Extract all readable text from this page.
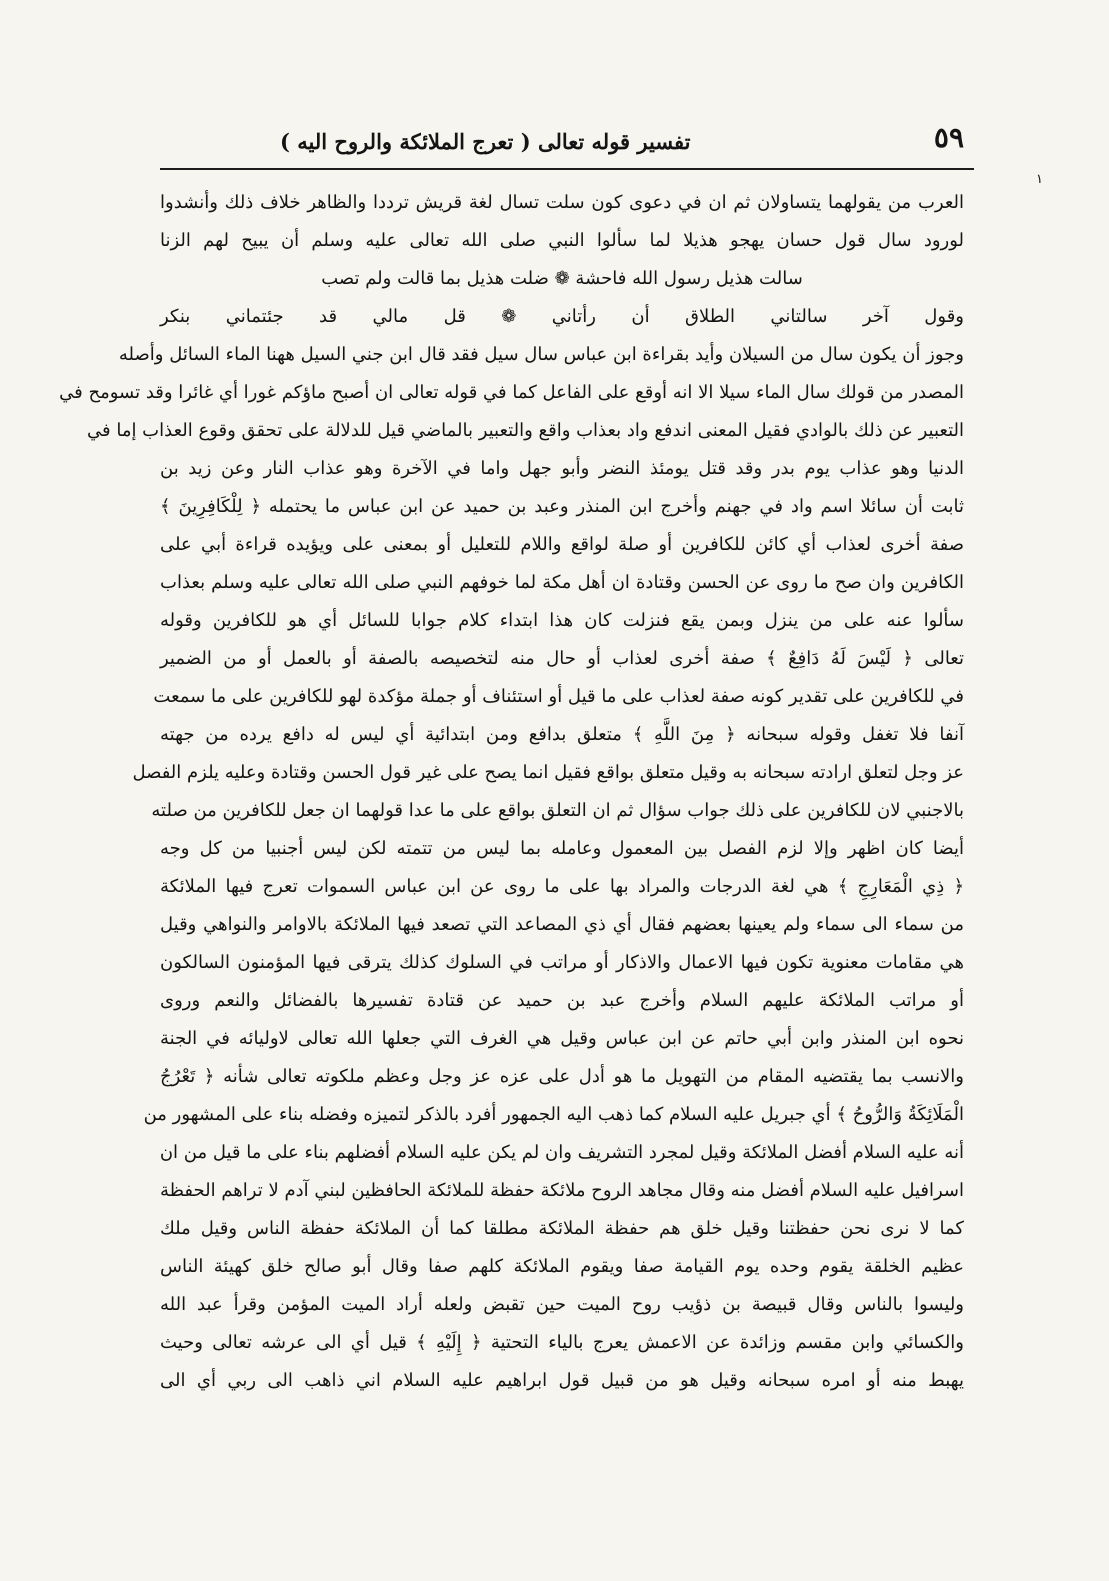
٥٩
تفسير قوله تعالى ( تعرج الملائكة والروح اليه )
١
العرب من يقولهما يتساولان ثم ان في دعوى كون سلت تسال لغة قريش ترددا والظاهر خلاف ذلك وأنشدوا
لورود سال قول حسان يهجو هذيلا لما سألوا النبي صلى الله تعالى عليه وسلم أن يبيح لهم الزنا
سالت هذيل رسول الله فاحشة ❁ ضلت هذيل بما قالت ولم تصب
وقول آخر سالتاني الطلاق أن رأتاني ❁ قل مالي قد جئتماني بنكر
وجوز أن يكون سال من السيلان وأيد بقراءة ابن عباس سال سيل فقد قال ابن جني السيل ههنا الماء السائل وأصله
المصدر من قولك سال الماء سيلا الا انه أوقع على الفاعل كما في قوله تعالى ان أصبح ماؤكم غورا أي غائرا وقد تسومح في
التعبير عن ذلك بالوادي فقيل المعنى اندفع واد بعذاب واقع والتعبير بالماضي قيل للدلالة على تحقق وقوع العذاب إما في
الدنيا وهو عذاب يوم بدر وقد قتل يومئذ النضر وأبو جهل واما في الآخرة وهو عذاب النار وعن زيد بن
ثابت أن سائلا اسم واد في جهنم وأخرج ابن المنذر وعبد بن حميد عن ابن عباس ما يحتمله ﴿ لِلْكَافِرِينَ ﴾
صفة أخرى لعذاب أي كائن للكافرين أو صلة لواقع واللام للتعليل أو بمعنى على ويؤيده قراءة أبي على
الكافرين وان صح ما روى عن الحسن وقتادة ان أهل مكة لما خوفهم النبي صلى الله تعالى عليه وسلم بعذاب
سألوا عنه على من ينزل وبمن يقع فنزلت كان هذا ابتداء كلام جوابا للسائل أي هو للكافرين وقوله
تعالى ﴿ لَيْسَ لَهُ دَافِعٌ ﴾ صفة أخرى لعذاب أو حال منه لتخصيصه بالصفة أو بالعمل أو من الضمير
في للكافرين على تقدير كونه صفة لعذاب على ما قيل أو استئناف أو جملة مؤكدة لهو للكافرين على ما سمعت
آنفا فلا تغفل وقوله سبحانه ﴿ مِنَ اللَّهِ ﴾ متعلق بدافع ومن ابتدائية أي ليس له دافع يرده من جهته
عز وجل لتعلق ارادته سبحانه به وقيل متعلق بواقع فقيل انما يصح على غير قول الحسن وقتادة وعليه يلزم الفصل
بالاجنبي لان للكافرين على ذلك جواب سؤال ثم ان التعلق بواقع على ما عدا قولهما ان جعل للكافرين من صلته
أيضا كان اظهر وإلا لزم الفصل بين المعمول وعامله بما ليس من تتمته لكن ليس أجنبيا من كل وجه
﴿ ذِي الْمَعَارِجِ ﴾ هي لغة الدرجات والمراد بها على ما روى عن ابن عباس السموات تعرج فيها الملائكة
من سماء الى سماء ولم يعينها بعضهم فقال أي ذي المصاعد التي تصعد فيها الملائكة بالاوامر والنواهي وقيل
هي مقامات معنوية تكون فيها الاعمال والاذكار أو مراتب في السلوك كذلك يترقى فيها المؤمنون السالكون
أو مراتب الملائكة عليهم السلام وأخرج عبد بن حميد عن قتادة تفسيرها بالفضائل والنعم وروى
نحوه ابن المنذر وابن أبي حاتم عن ابن عباس وقيل هي الغرف التي جعلها الله تعالى لاوليائه في الجنة
والانسب بما يقتضيه المقام من التهويل ما هو أدل على عزه عز وجل وعظم ملكوته تعالى شأنه ﴿ تَعْرُجُ
الْمَلَائِكَةُ وَالرُّوحُ ﴾ أي جبريل عليه السلام كما ذهب اليه الجمهور أفرد بالذكر لتميزه وفضله بناء على المشهور من
أنه عليه السلام أفضل الملائكة وقيل لمجرد التشريف وان لم يكن عليه السلام أفضلهم بناء على ما قيل من ان
اسرافيل عليه السلام أفضل منه وقال مجاهد الروح ملائكة حفظة للملائكة الحافظين لبني آدم لا تراهم الحفظة
كما لا نرى نحن حفظتنا وقيل خلق هم حفظة الملائكة مطلقا كما أن الملائكة حفظة الناس وقيل ملك
عظيم الخلقة يقوم وحده يوم القيامة صفا ويقوم الملائكة كلهم صفا وقال أبو صالح خلق كهيئة الناس
وليسوا بالناس وقال قبيصة بن ذؤيب روح الميت حين تقبض ولعله أراد الميت المؤمن وقرأ عبد الله
والكسائي وابن مقسم وزائدة عن الاعمش يعرج بالياء التحتية ﴿ إِلَيْهِ ﴾ قيل أي الى عرشه تعالى وحيث
يهبط منه أو امره سبحانه وقيل هو من قبيل قول ابراهيم عليه السلام اني ذاهب الى ربي أي الى
